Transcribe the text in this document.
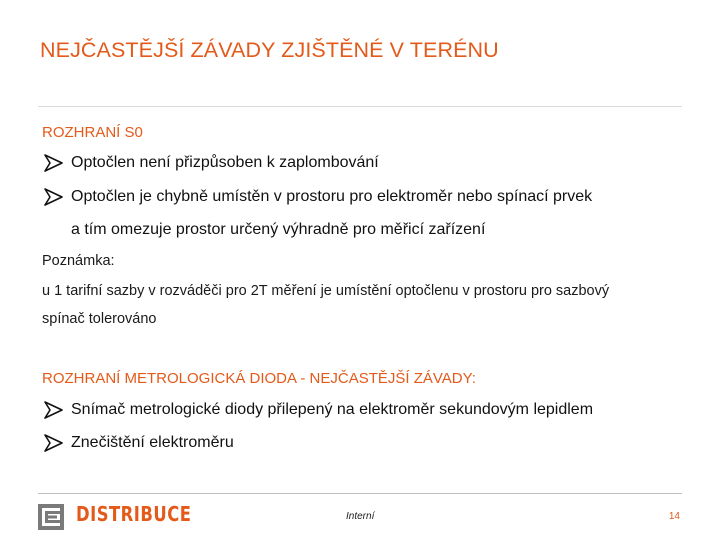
NEJČASTĚJŠÍ ZÁVADY ZJIŠTĚNÉ V TERÉNU
ROZHRANÍ S0
Optočlen není přizpůsoben k zaplombování
Optočlen je chybně umístěn v prostoru pro elektroměr nebo spínací prvek
a tím omezuje prostor určený výhradně pro měřicí zařízení
Poznámka:
u 1 tarifní sazby v rozváděči pro 2T měření je umístění optočlenu v prostoru pro sazbový
spínač tolerováno
ROZHRANÍ METROLOGICKÁ DIODA - NEJČASTĚJŠÍ ZÁVADY:
Snímač metrologické diody přilepený na elektroměr sekundovým lepidlem
Znečištění elektroměru
DISTRIBUCE	Interní	14
